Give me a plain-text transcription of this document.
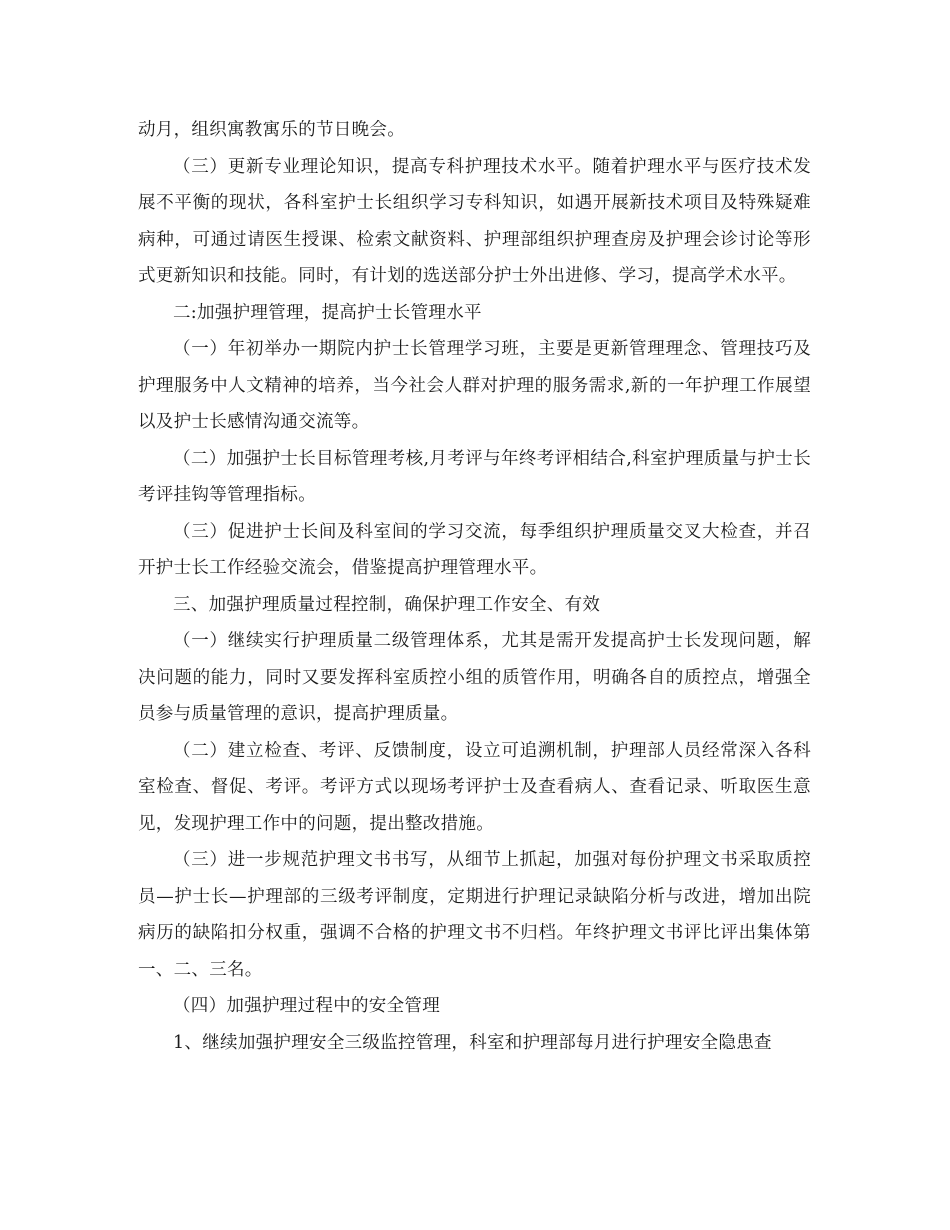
动月，组织寓教寓乐的节日晚会。

（三）更新专业理论知识，提高专科护理技术水平。随着护理水平与医疗技术发展不平衡的现状，各科室护士长组织学习专科知识，如遇开展新技术项目及特殊疑难病种，可通过请医生授课、检索文献资料、护理部组织护理查房及护理会诊讨论等形式更新知识和技能。同时，有计划的选送部分护士外出进修、学习，提高学术水平。

二:加强护理管理，提高护士长管理水平

（一）年初举办一期院内护士长管理学习班，主要是更新管理理念、管理技巧及护理服务中人文精神的培养，当今社会人群对护理的服务需求,新的一年护理工作展望以及护士长感情沟通交流等。

（二）加强护士长目标管理考核,月考评与年终考评相结合,科室护理质量与护士长考评挂钩等管理指标。

（三）促进护士长间及科室间的学习交流，每季组织护理质量交叉大检查，并召开护士长工作经验交流会，借鉴提高护理管理水平。

三、加强护理质量过程控制，确保护理工作安全、有效

（一）继续实行护理质量二级管理体系，尤其是需开发提高护士长发现问题，解决问题的能力，同时又要发挥科室质控小组的质管作用，明确各自的质控点，增强全员参与质量管理的意识，提高护理质量。

（二）建立检查、考评、反馈制度，设立可追溯机制，护理部人员经常深入各科室检查、督促、考评。考评方式以现场考评护士及查看病人、查看记录、听取医生意见，发现护理工作中的问题，提出整改措施。

（三）进一步规范护理文书书写，从细节上抓起，加强对每份护理文书采取质控员—护士长—护理部的三级考评制度，定期进行护理记录缺陷分析与改进，增加出院病历的缺陷扣分权重，强调不合格的护理文书不归档。年终护理文书评比评出集体第一、二、三名。

（四）加强护理过程中的安全管理

1、继续加强护理安全三级监控管理，科室和护理部每月进行护理安全隐患查
